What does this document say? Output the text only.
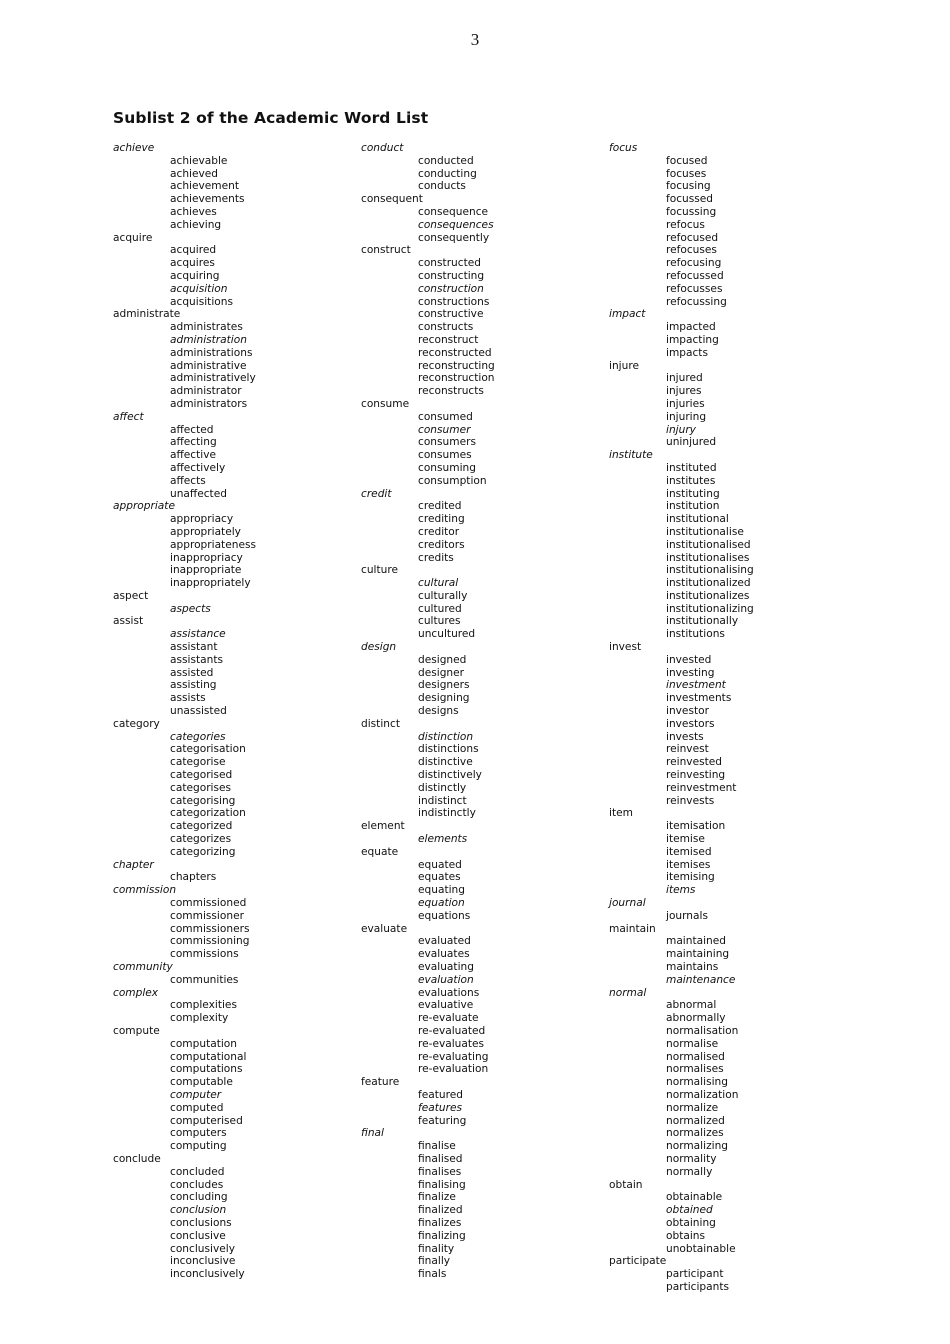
3
Sublist 2 of the Academic Word List
achieve
achievable
achieved
achievement
achievements
achieves
achieving
acquire
acquired
acquires
acquiring
acquisition
acquisitions
administrate
administrates
administration
administrations
administrative
administratively
administrator
administrators
affect
affected
affecting
affective
affectively
affects
unaffected
appropriate
appropriacy
appropriately
appropriateness
inappropriacy
inappropriate
inappropriately
aspect
aspects
assist
assistance
assistant
assistants
assisted
assisting
assists
unassisted
category
categories
categorisation
categorise
categorised
categorises
categorising
categorization
categorized
categorizes
categorizing
chapter
chapters
commission
commissioned
commissioner
commissioners
commissioning
commissions
community
communities
complex
complexities
complexity
compute
computation
computational
computations
computable
computer
computed
computerised
computers
computing
conclude
concluded
concludes
concluding
conclusion
conclusions
conclusive
conclusively
inconclusive
inconclusively
conduct
conducted
conducting
conducts
consequent
consequence
consequences
consequently
construct
constructed
constructing
construction
constructions
constructive
constructs
reconstruct
reconstructed
reconstructing
reconstruction
reconstructs
consume
consumed
consumer
consumers
consumes
consuming
consumption
credit
credited
crediting
creditor
creditors
credits
culture
cultural
culturally
cultured
cultures
uncultured
design
designed
designer
designers
designing
designs
distinct
distinction
distinctions
distinctive
distinctively
distinctly
indistinct
indistinctly
element
elements
equate
equated
equates
equating
equation
equations
evaluate
evaluated
evaluates
evaluating
evaluation
evaluations
evaluative
re-evaluate
re-evaluated
re-evaluates
re-evaluating
re-evaluation
feature
featured
features
featuring
final
finalise
finalised
finalises
finalising
finalize
finalized
finalizes
finalizing
finality
finally
finals
focus
focused
focuses
focusing
focussed
focussing
refocus
refocused
refocuses
refocusing
refocussed
refocusses
refocussing
impact
impacted
impacting
impacts
injure
injured
injures
injuries
injuring
injury
uninjured
institute
instituted
institutes
instituting
institution
institutional
institutionalise
institutionalised
institutionalises
institutionalising
institutionalized
institutionalizes
institutionalizing
institutionally
institutions
invest
invested
investing
investment
investments
investor
investors
invests
reinvest
reinvested
reinvesting
reinvestment
reinvests
item
itemisation
itemise
itemised
itemises
itemising
items
journal
journals
maintain
maintained
maintaining
maintains
maintenance
normal
abnormal
abnormally
normalisation
normalise
normalised
normalises
normalising
normalization
normalize
normalized
normalizes
normalizing
normality
normally
obtain
obtainable
obtained
obtaining
obtains
unobtainable
participate
participant
participants
